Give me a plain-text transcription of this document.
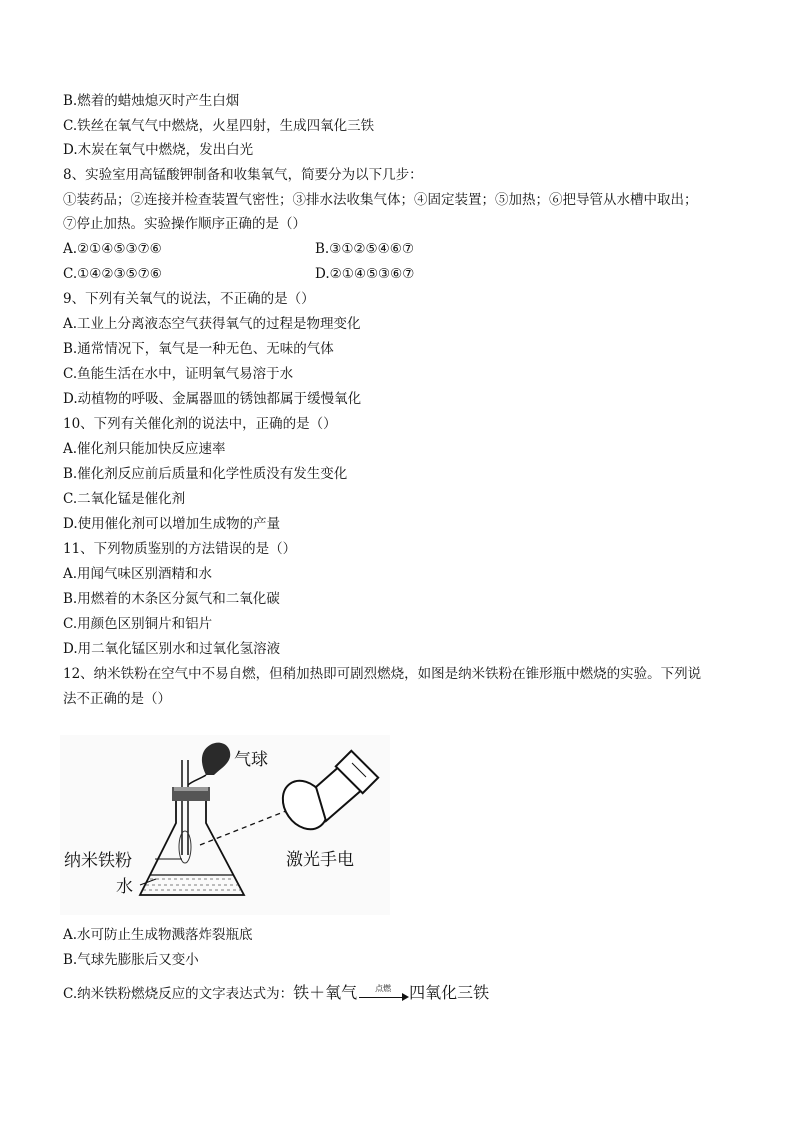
B.燃着的蜡烛熄灭时产生白烟
C.铁丝在氧气气中燃烧，火星四射，生成四氧化三铁
D.木炭在氧气中燃烧，发出白光
8、实验室用高锰酸钾制备和收集氧气，简要分为以下几步：
①装药品；②连接并检查装置气密性；③排水法收集气体；④固定装置；⑤加热；⑥把导管从水槽中取出；
⑦停止加热。实验操作顺序正确的是（）
A.②①④⑤③⑦⑥	B.③①②⑤④⑥⑦
C.①④②③⑤⑦⑥	D.②①④⑤③⑥⑦
9、下列有关氧气的说法，不正确的是（）
A.工业上分离液态空气获得氧气的过程是物理变化
B.通常情况下，氧气是一种无色、无味的气体
C.鱼能生活在水中，证明氧气易溶于水
D.动植物的呼吸、金属器皿的锈蚀都属于缓慢氧化
10、下列有关催化剂的说法中，正确的是（）
A.催化剂只能加快反应速率
B.催化剂反应前后质量和化学性质没有发生变化
C.二氧化锰是催化剂
D.使用催化剂可以增加生成物的产量
11、下列物质鉴别的方法错误的是（）
A.用闻气味区别酒精和水
B.用燃着的木条区分氮气和二氧化碳
C.用颜色区别铜片和铝片
D.用二氧化锰区别水和过氧化氢溶液
12、纳米铁粉在空气中不易自燃，但稍加热即可剧烈燃烧，如图是纳米铁粉在锥形瓶中燃烧的实验。下列说
法不正确的是（）
气球
纳米铁粉
水
激光手电
A.水可防止生成物溅落炸裂瓶底
B.气球先膨胀后又变小
C.纳米铁粉燃烧反应的文字表达式为：铁＋氧气	点燃	四氧化三铁
